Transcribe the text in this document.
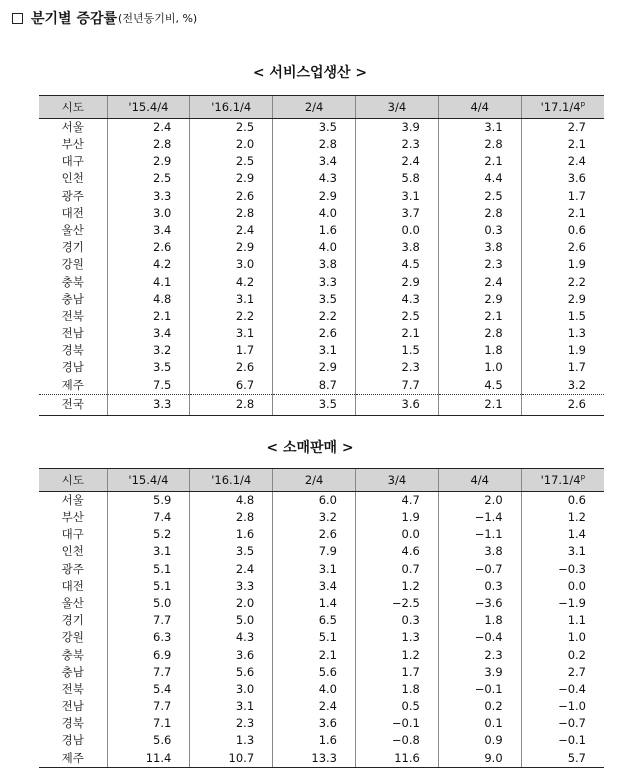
분기별 증감률 (전년동기비, %)
< 서비스업생산 >
시도	'15.4/4	'16.1/4	2/4	3/4	4/4	'17.1/4$^p$
서울	2.4	2.5	3.5	3.9	3.1	2.7
부산	2.8	2.0	2.8	2.3	2.8	2.1
대구	2.9	2.5	3.4	2.4	2.1	2.4
인천	2.5	2.9	4.3	5.8	4.4	3.6
광주	3.3	2.6	2.9	3.1	2.5	1.7
대전	3.0	2.8	4.0	3.7	2.8	2.1
울산	3.4	2.4	1.6	0.0	0.3	0.6
경기	2.6	2.9	4.0	3.8	3.8	2.6
강원	4.2	3.0	3.8	4.5	2.3	1.9
충북	4.1	4.2	3.3	2.9	2.4	2.2
충남	4.8	3.1	3.5	4.3	2.9	2.9
전북	2.1	2.2	2.2	2.5	2.1	1.5
전남	3.4	3.1	2.6	2.1	2.8	1.3
경북	3.2	1.7	3.1	1.5	1.8	1.9
경남	3.5	2.6	2.9	2.3	1.0	1.7
제주	7.5	6.7	8.7	7.7	4.5	3.2
전국	3.3	2.8	3.5	3.6	2.1	2.6
< 소매판매 >
시도	'15.4/4	'16.1/4	2/4	3/4	4/4	'17.1/4$^p$
서울	5.9	4.8	6.0	4.7	2.0	0.6
부산	7.4	2.8	3.2	1.9	−1.4	1.2
대구	5.2	1.6	2.6	0.0	−1.1	1.4
인천	3.1	3.5	7.9	4.6	3.8	3.1
광주	5.1	2.4	3.1	0.7	−0.7	−0.3
대전	5.1	3.3	3.4	1.2	0.3	0.0
울산	5.0	2.0	1.4	−2.5	−3.6	−1.9
경기	7.7	5.0	6.5	0.3	1.8	1.1
강원	6.3	4.3	5.1	1.3	−0.4	1.0
충북	6.9	3.6	2.1	1.2	2.3	0.2
충남	7.7	5.6	5.6	1.7	3.9	2.7
전북	5.4	3.0	4.0	1.8	−0.1	−0.4
전남	7.7	3.1	2.4	0.5	0.2	−1.0
경북	7.1	2.3	3.6	−0.1	0.1	−0.7
경남	5.6	1.3	1.6	−0.8	0.9	−0.1
제주	11.4	10.7	13.3	11.6	9.0	5.7
